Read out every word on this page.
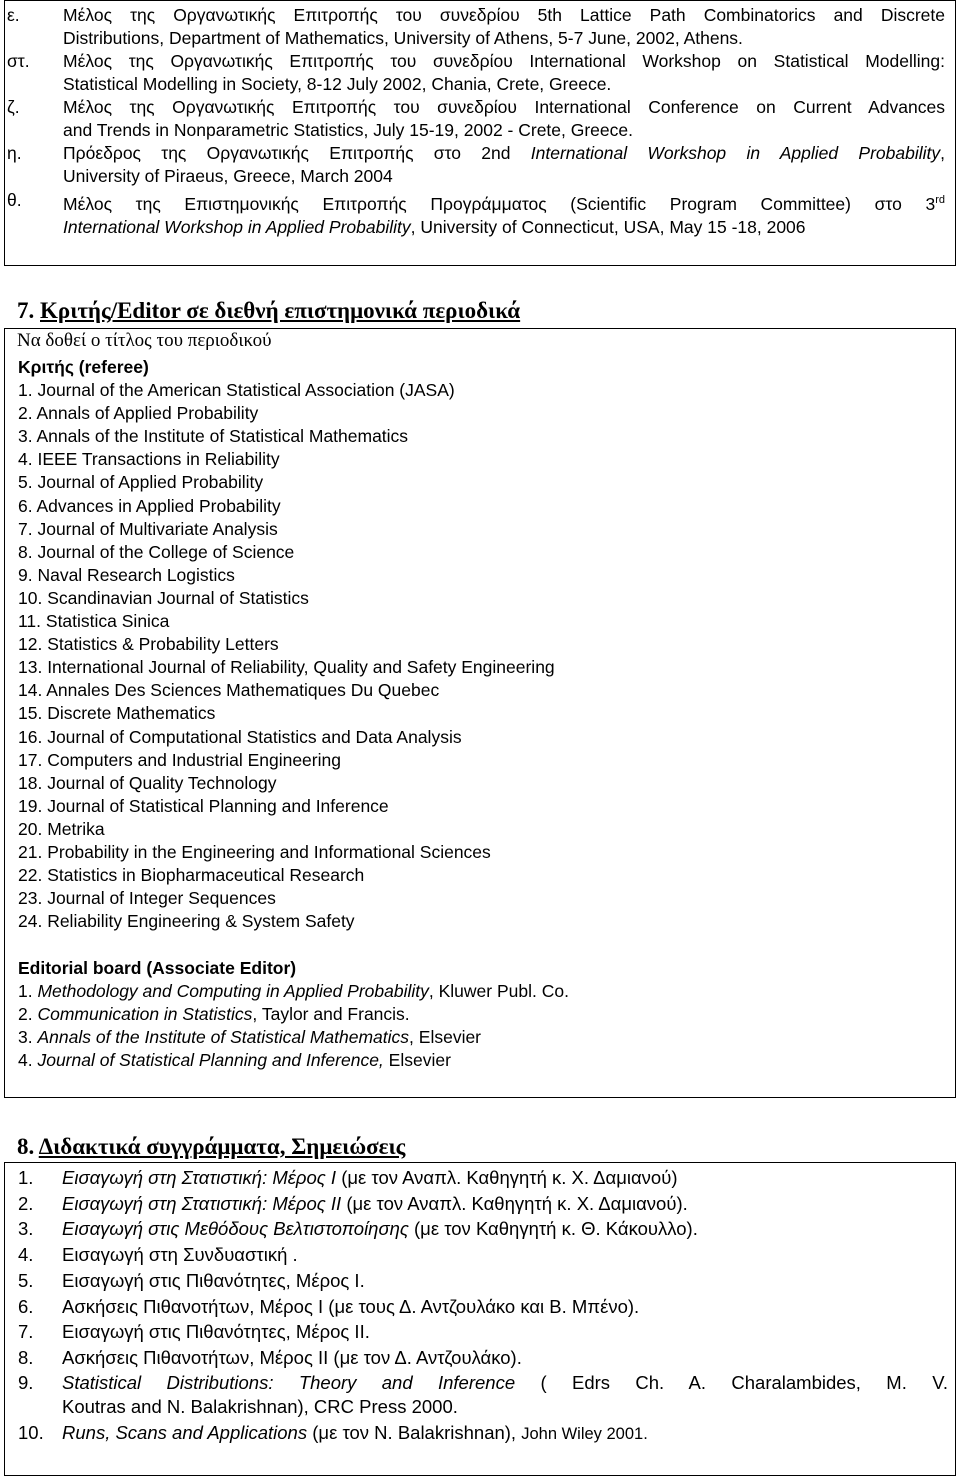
ε. Μέλος της Οργανωτικής Επιτροπής του συνεδρίου 5th Lattice Path Combinatorics and Discrete
Distributions, Department of Mathematics, University of Athens, 5-7 June, 2002, Athens.
στ. Μέλος της Οργανωτικής Επιτροπής του συνεδρίου International Workshop on Statistical Modelling:
Statistical Modelling in Society, 8-12 July 2002, Chania, Crete, Greece.
ζ. Μέλος της Οργανωτικής Επιτροπής του συνεδρίου International Conference on Current Advances
and Trends in Nonparametric Statistics, July 15-19, 2002 - Crete, Greece.
η. Πρόεδρος της Οργανωτικής Επιτροπής στο 2nd International Workshop in Applied Probability,
University of Piraeus, Greece, March 2004
θ. Μέλος της Επιστημονικής Επιτροπής Προγράμματος (Scientific Program Committee) στο 3rd
International Workshop in Applied Probability, University of Connecticut, USA, May 15 -18, 2006
7. Κριτής/Editor σε διεθνή επιστημονικά περιοδικά
Να δοθεί ο τίτλος του περιοδικού
Κριτής (referee)
1. Journal of the American Statistical Association (JASA)
2. Annals of Applied Probability
3. Annals of the Institute of Statistical Mathematics
4. IEEE Transactions in Reliability
5. Journal of Applied Probability
6. Advances in Applied Probability
7. Journal of Multivariate Analysis
8. Journal of the College of Science
9. Naval Research Logistics
10. Scandinavian Journal of Statistics
11. Statistica Sinica
12. Statistics & Probability Letters
13. International Journal of Reliability, Quality and Safety Engineering
14. Annales Des Sciences Mathematiques Du Quebec
15. Discrete Mathematics
16. Journal of Computational Statistics and Data Analysis
17. Computers and Industrial Engineering
18. Journal of Quality Technology
19. Journal of Statistical Planning and Inference
20. Metrika
21. Probability in the Engineering and Informational Sciences
22. Statistics in Biopharmaceutical Research
23. Journal of Integer Sequences
24. Reliability Engineering & System Safety
Editorial board (Associate Editor)
1. Methodology and Computing in Applied Probability, Kluwer Publ. Co.
2. Communication in Statistics, Taylor and Francis.
3. Annals of the Institute of Statistical Mathematics, Elsevier
4. Journal of Statistical Planning and Inference, Elsevier
8. Διδακτικά συγγράμματα, Σημειώσεις
1. Εισαγωγή στη Στατιστική: Μέρος Ι (με τον Αναπλ. Καθηγητή κ. Χ. Δαμιανού)
2. Εισαγωγή στη Στατιστική: Μέρος ΙΙ (με τον Αναπλ. Καθηγητή κ. Χ. Δαμιανού).
3. Εισαγωγή στις Μεθόδους Βελτιστοποίησης (με τον Καθηγητή κ. Θ. Κάκουλλο).
4. Εισαγωγή στη Συνδυαστική .
5. Εισαγωγή στις Πιθανότητες, Μέρος Ι.
6. Ασκήσεις Πιθανοτήτων, Μέρος Ι (με τους Δ. Αντζουλάκο και Β. Μπένο).
7. Εισαγωγή στις Πιθανότητες, Μέρος ΙΙ.
8. Ασκήσεις Πιθανοτήτων, Μέρος ΙΙ (με τον Δ. Αντζουλάκο).
9. Statistical Distributions: Theory and Inference ( Edrs Ch. A. Charalambides, M. V.
Koutras and N. Balakrishnan), CRC Press 2000.
10. Runs, Scans and Applications (με τον N. Balakrishnan), John Wiley 2001.
